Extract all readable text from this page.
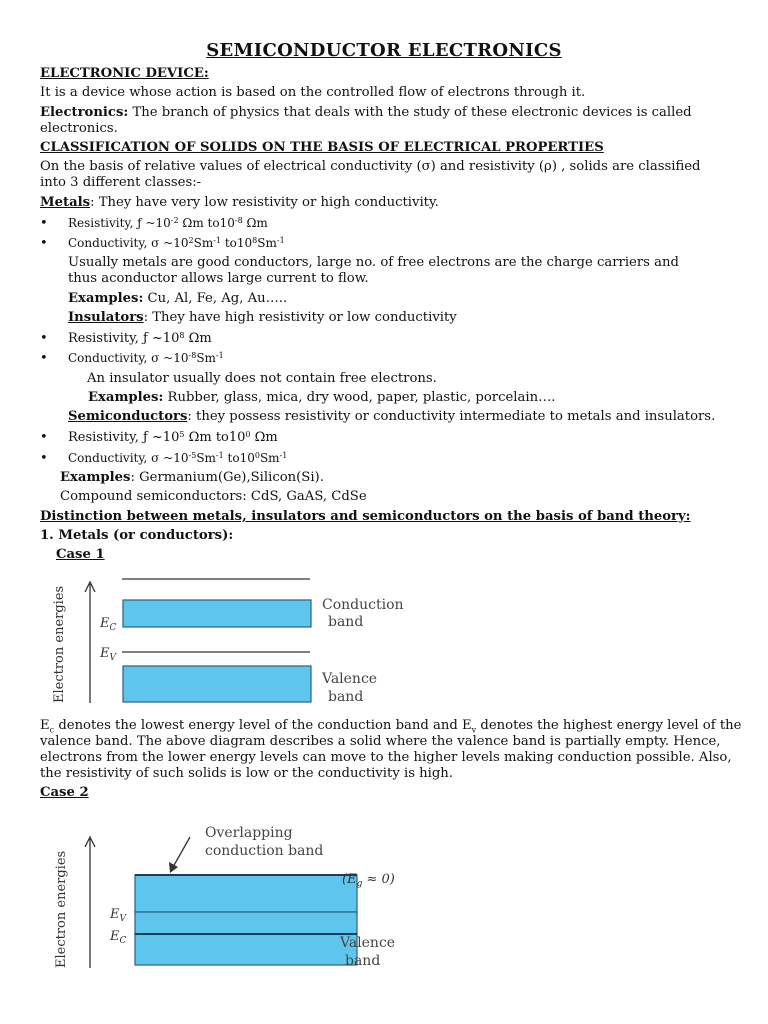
SEMICONDUCTOR ELECTRONICS
ELECTRONIC DEVICE:
It is a device whose action is based on the controlled flow of electrons through it.
Electronics: The branch of physics that deals with the study of these electronic devices is called
electronics.
CLASSIFICATION OF SOLIDS ON THE BASIS OF ELECTRICAL PROPERTIES
On the basis of relative values of electrical conductivity (σ) and resistivity (ρ) , solids are classified
into 3 different classes:-
Metals: They have very low resistivity or high conductivity.
• Resistivity, ƒ $\sim 10^{-2}$ Ωm $to10^{-8}$ Ωm
• Conductivity, σ $\sim 10^2Sm^{-1}$ $to10^8Sm^{-1}$
Usually metals are good conductors, large no. of free electrons are the charge carriers and
thus aconductor allows large current to flow.
Examples: Cu, Al, Fe, Ag, Au…..
Insulators: They have high resistivity or low conductivity
• Resistivity, ƒ $\sim 10^8$ Ωm
• Conductivity, σ $\sim 10^{-8}Sm^{-1}$
An insulator usually does not contain free electrons.
Examples: Rubber, glass, mica, dry wood, paper, plastic, porcelain….
Semiconductors: they possess resistivity or conductivity intermediate to metals and insulators.
• Resistivity, ƒ $\sim 10^5$ Ωm $to10^0$ Ωm
• Conductivity, σ $\sim 10^{-5}Sm^{-1}$ $to10^0Sm^{-1}$
Examples: Germanium(Ge),Silicon(Si).
Compound semiconductors: CdS, GaAS, CdSe
Distinction between metals, insulators and semiconductors on the basis of band theory:
1. Metals (or conductors):
Case 1
Electron energies	$E_C$
$E_V$
Conduction
band
Valence
band
$E_c$ denotes the lowest energy level of the conduction band and $E_v$ denotes the highest energy level of the
valence band. The above diagram describes a solid where the valence band is partially empty. Hence,
electrons from the lower energy levels can move to the higher levels making conduction possible. Also,
the resistivity of such solids is low or the conductivity is high.
Case 2
Electron energies
Overlapping
conduction band
$(E_g \approx 0)$
$E_V$
$E_C$	Valence
band
